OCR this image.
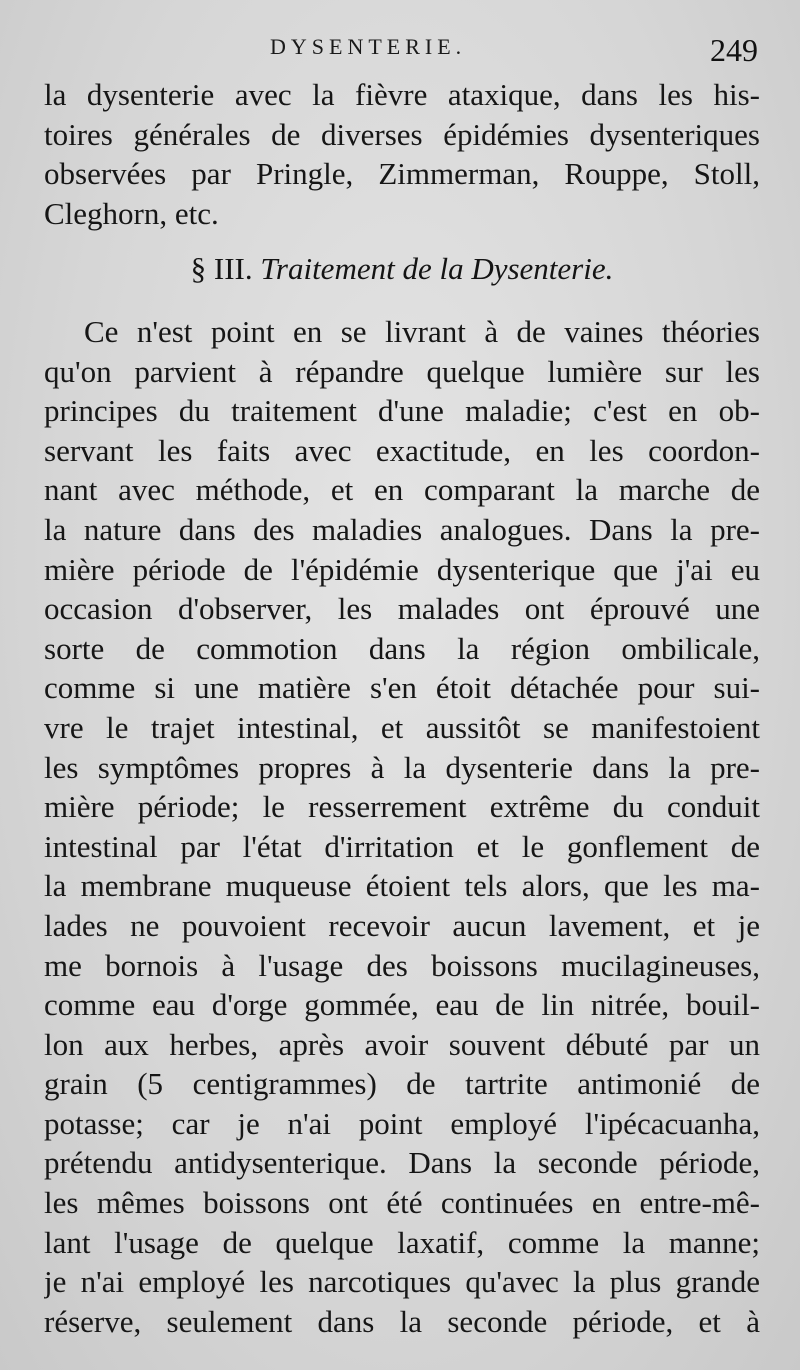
DYSENTERIE.	249
la dysenterie avec la fièvre ataxique, dans les his-
toires générales de diverses épidémies dysenteriques
observées par Pringle, Zimmerman, Rouppe, Stoll,
Cleghorn, etc.
§ III. Traitement de la Dysenterie.
Ce n'est point en se livrant à de vaines théories
qu'on parvient à répandre quelque lumière sur les
principes du traitement d'une maladie; c'est en ob-
servant les faits avec exactitude, en les coordon-
nant avec méthode, et en comparant la marche de
la nature dans des maladies analogues. Dans la pre-
mière période de l'épidémie dysenterique que j'ai eu
occasion d'observer, les malades ont éprouvé une
sorte de commotion dans la région ombilicale,
comme si une matière s'en étoit détachée pour sui-
vre le trajet intestinal, et aussitôt se manifestoient
les symptômes propres à la dysenterie dans la pre-
mière période; le resserrement extrême du conduit
intestinal par l'état d'irritation et le gonflement de
la membrane muqueuse étoient tels alors, que les ma-
lades ne pouvoient recevoir aucun lavement, et je
me bornois à l'usage des boissons mucilagineuses,
comme eau d'orge gommée, eau de lin nitrée, bouil-
lon aux herbes, après avoir souvent débuté par un
grain (5 centigrammes) de tartrite antimonié de
potasse; car je n'ai point employé l'ipécacuanha,
prétendu antidysenterique. Dans la seconde période,
les mêmes boissons ont été continuées en entre-mê-
lant l'usage de quelque laxatif, comme la manne;
je n'ai employé les narcotiques qu'avec la plus grande
réserve, seulement dans la seconde période, et à
